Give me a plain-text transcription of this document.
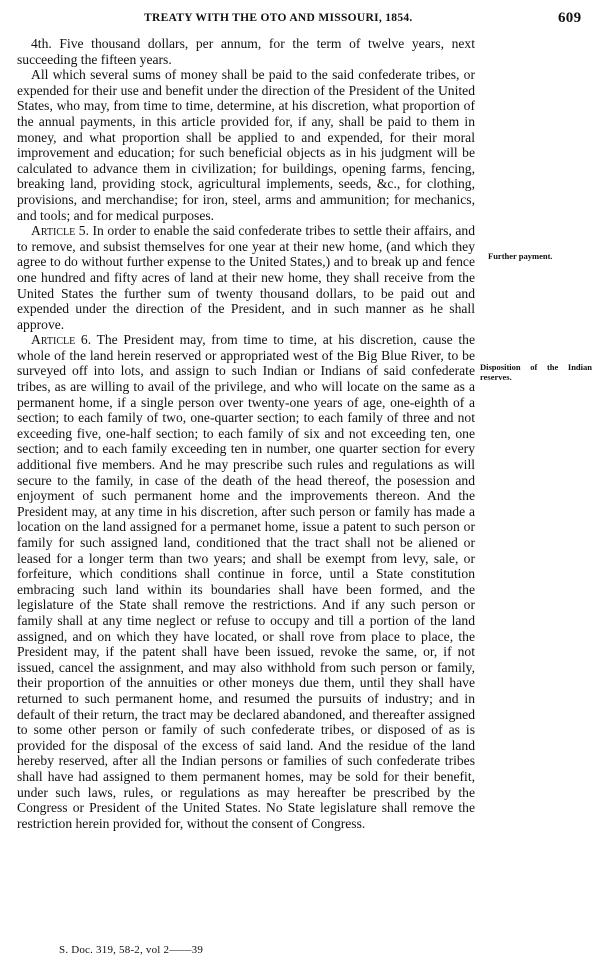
TREATY WITH THE OTO AND MISSOURI, 1854.	609

4th. Five thousand dollars, per annum, for the term of twelve years, next succeeding the fifteen years.

All which several sums of money shall be paid to the said confederate tribes, or expended for their use and benefit under the direction of the President of the United States, who may, from time to time, determine, at his discretion, what proportion of the annual payments, in this article provided for, if any, shall be paid to them in money, and what proportion shall be applied to and expended, for their moral improvement and education; for such beneficial objects as in his judgment will be calculated to advance them in civilization; for buildings, opening farms, fencing, breaking land, providing stock, agricultural implements, seeds, &c., for clothing, provisions, and merchandise; for iron, steel, arms and ammunition; for mechanics, and tools; and for medical purposes.

Article 5. In order to enable the said confederate tribes to settle their affairs, and to remove, and subsist themselves for one year at their new home, (and which they agree to do without further expense to the United States,) and to break up and fence one hundred and fifty acres of land at their new home, they shall receive from the United States the further sum of twenty thousand dollars, to be paid out and expended under the direction of the President, and in such manner as he shall approve.

Article 6. The President may, from time to time, at his discretion, cause the whole of the land herein reserved or appropriated west of the Big Blue River, to be surveyed off into lots, and assign to such Indian or Indians of said confederate tribes, as are willing to avail of the privilege, and who will locate on the same as a permanent home, if a single person over twenty-one years of age, one-eighth of a section; to each family of two, one-quarter section; to each family of three and not exceeding five, one-half section; to each family of six and not exceeding ten, one section; and to each family exceeding ten in number, one quarter section for every additional five members. And he may prescribe such rules and regulations as will secure to the family, in case of the death of the head thereof, the posession and enjoyment of such permanent home and the improvements thereon. And the President may, at any time in his discretion, after such person or family has made a location on the land assigned for a permanet home, issue a patent to such person or family for such assigned land, conditioned that the tract shall not be aliened or leased for a longer term than two years; and shall be exempt from levy, sale, or forfeiture, which conditions shall continue in force, until a State constitution embracing such land within its boundaries shall have been formed, and the legislature of the State shall remove the restrictions. And if any such person or family shall at any time neglect or refuse to occupy and till a portion of the land assigned, and on which they have located, or shall rove from place to place, the President may, if the patent shall have been issued, revoke the same, or, if not issued, cancel the assignment, and may also withhold from such person or family, their proportion of the annuities or other moneys due them, until they shall have returned to such permanent home, and resumed the pursuits of industry; and in default of their return, the tract may be declared abandoned, and thereafter assigned to some other person or family of such confederate tribes, or disposed of as is provided for the disposal of the excess of said land. And the residue of the land hereby reserved, after all the Indian persons or families of such confederate tribes shall have had assigned to them permanent homes, may be sold for their benefit, under such laws, rules, or regulations as may hereafter be prescribed by the Congress or President of the United States. No State legislature shall remove the restriction herein provided for, without the consent of Congress.

Further payment.
Disposition of the Indian reserves.
S. Doc. 319, 58-2, vol 2——39
